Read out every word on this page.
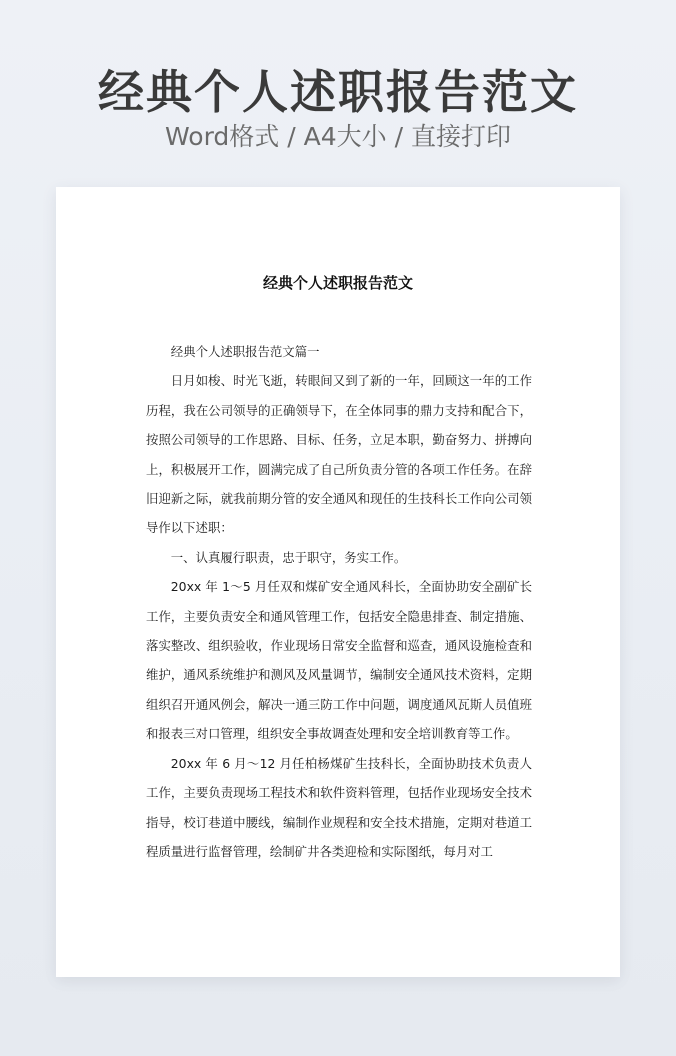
经典个人述职报告范文
Word格式 / A4大小 / 直接打印
经典个人述职报告范文

经典个人述职报告范文篇一

日月如梭、时光飞逝，转眼间又到了新的一年，回顾这一年的工作历程，我在公司领导的正确领导下，在全体同事的鼎力支持和配合下，按照公司领导的工作思路、目标、任务，立足本职，勤奋努力、拼搏向上，积极展开工作，圆满完成了自己所负责分管的各项工作任务。在辞旧迎新之际，就我前期分管的安全通风和现任的生技科长工作向公司领导作以下述职：

一、认真履行职责，忠于职守，务实工作。

20xx 年 1～5 月任双和煤矿安全通风科长，全面协助安全副矿长工作，主要负责安全和通风管理工作，包括安全隐患排查、制定措施、落实整改、组织验收，作业现场日常安全监督和巡查，通风设施检查和维护，通风系统维护和测风及风量调节，编制安全通风技术资料，定期组织召开通风例会，解决一通三防工作中问题，调度通风瓦斯人员值班和报表三对口管理，组织安全事故调查处理和安全培训教育等工作。

20xx 年 6 月～12 月任柏杨煤矿生技科长，全面协助技术负责人工作，主要负责现场工程技术和软件资料管理，包括作业现场安全技术指导，校订巷道中腰线，编制作业规程和安全技术措施，定期对巷道工程质量进行监督管理，绘制矿井各类迎检和实际图纸，每月对工
